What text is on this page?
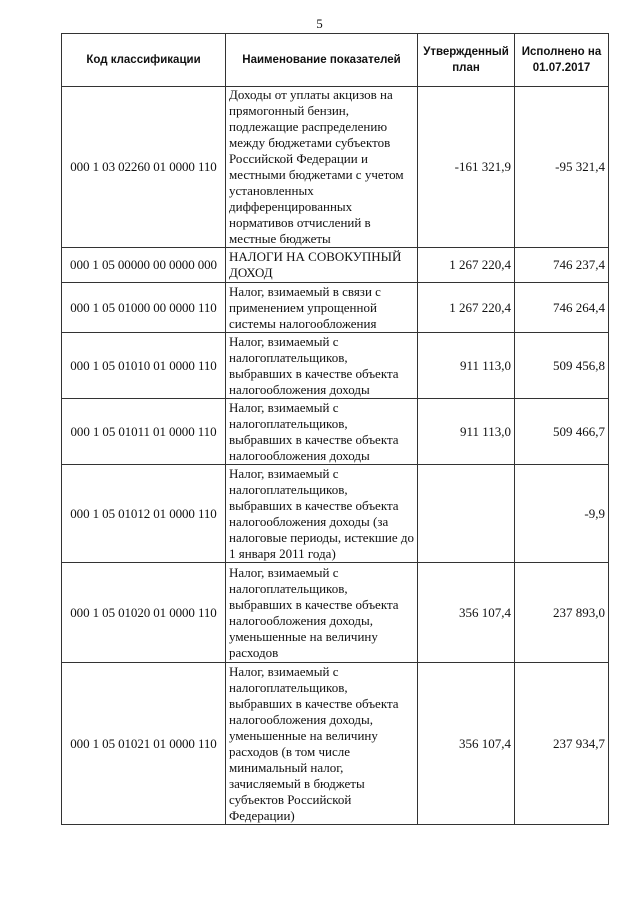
5
Код классификации	Наименование показателей	Утвержденный план	Исполнено на 01.07.2017
000 1 03 02260 01 0000 110	Доходы от уплаты акцизов на прямогонный бензин, подлежащие распределению между бюджетами субъектов Российской Федерации и местными бюджетами с учетом установленных дифференцированных нормативов отчислений в местные бюджеты	-161 321,9	-95 321,4
000 1 05 00000 00 0000 000	НАЛОГИ НА СОВОКУПНЫЙ ДОХОД	1 267 220,4	746 237,4
000 1 05 01000 00 0000 110	Налог, взимаемый в связи с применением упрощенной системы налогообложения	1 267 220,4	746 264,4
000 1 05 01010 01 0000 110	Налог, взимаемый с налогоплательщиков, выбравших в качестве объекта налогообложения доходы	911 113,0	509 456,8
000 1 05 01011 01 0000 110	Налог, взимаемый с налогоплательщиков, выбравших в качестве объекта налогообложения доходы	911 113,0	509 466,7
000 1 05 01012 01 0000 110	Налог, взимаемый с налогоплательщиков, выбравших в качестве объекта налогообложения доходы (за налоговые периоды, истекшие до 1 января 2011 года)		-9,9
000 1 05 01020 01 0000 110	Налог, взимаемый с налогоплательщиков, выбравших в качестве объекта налогообложения доходы, уменьшенные на величину расходов	356 107,4	237 893,0
000 1 05 01021 01 0000 110	Налог, взимаемый с налогоплательщиков, выбравших в качестве объекта налогообложения доходы, уменьшенные на величину расходов (в том числе минимальный налог, зачисляемый в бюджеты субъектов Российской Федерации)	356 107,4	237 934,7
